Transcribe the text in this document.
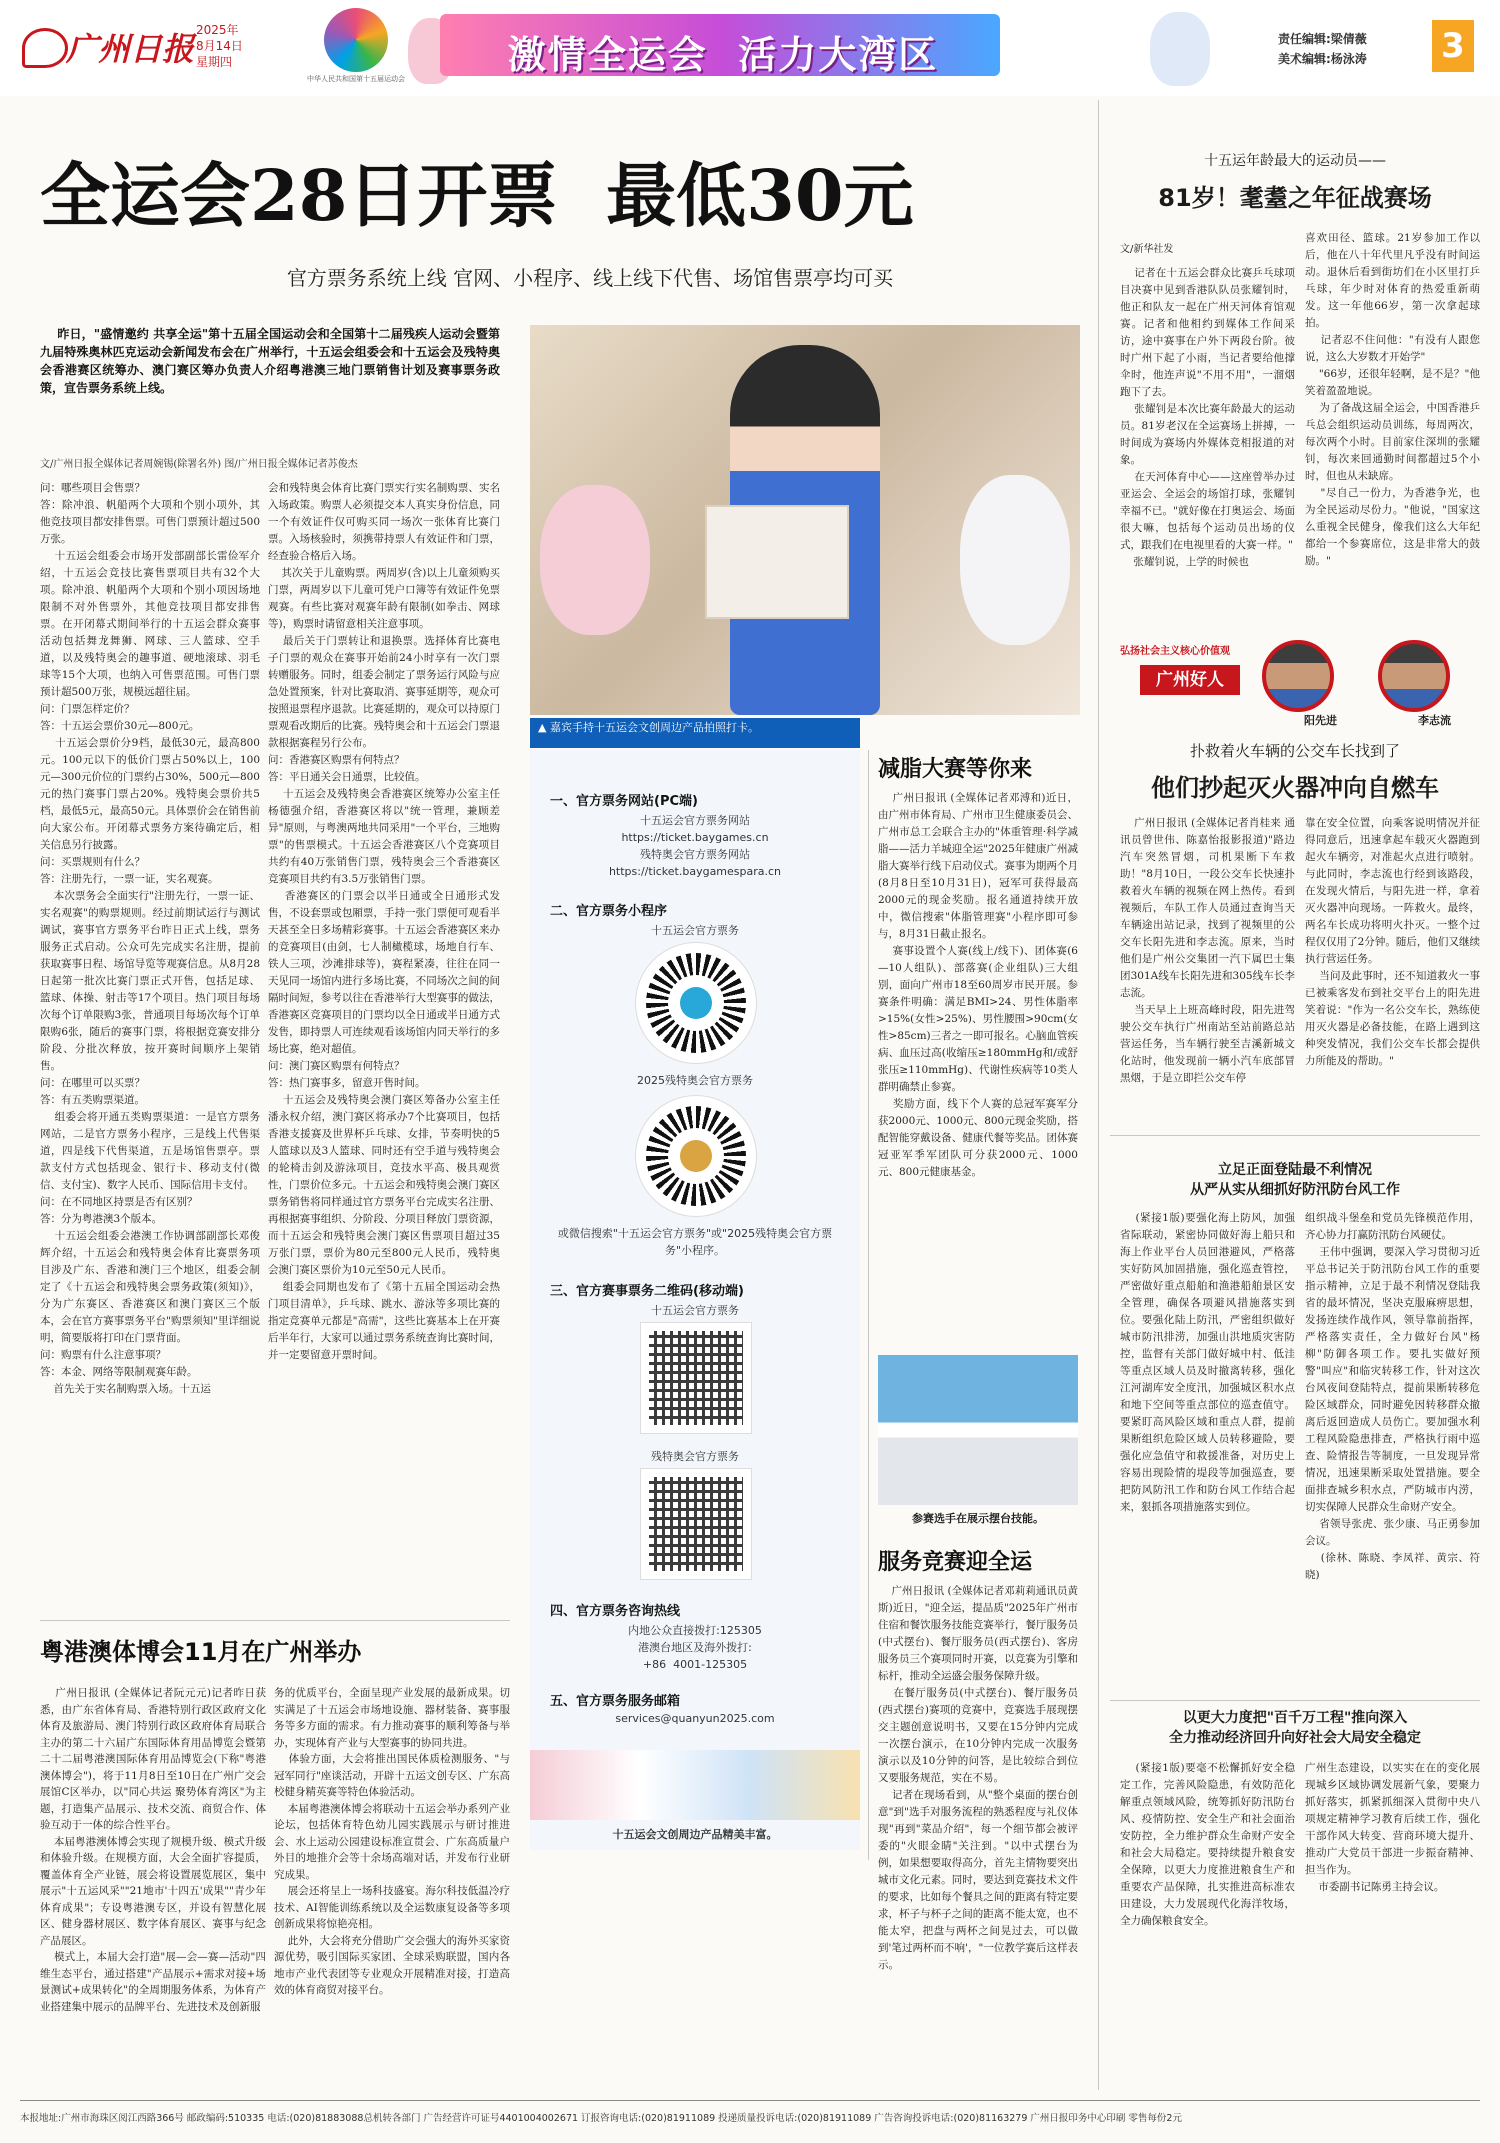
广州日报 2025年
8月14日
星期四
中华人民共和国第十五届运动会
激情全运会  活力大湾区	责任编辑:梁倩薇
美术编辑:杨泳涛 3
全运会28日开票  最低30元
官方票务系统上线 官网、小程序、线上线下代售、场馆售票亭均可买
昨日，"盛情邀约 共享全运"第十五届全国运动会和全国第十二届残疾人运动会暨第九届特殊奥林匹克运动会新闻发布会在广州举行，十五运会组委会和十五运会及残特奥会香港赛区统筹办、澳门赛区筹办负责人介绍粤港澳三地门票销售计划及赛事票务政策，宣告票务系统上线。
文/广州日报全媒体记者周婉锡(除署名外) 图/广州日报全媒体记者苏俊杰
问：哪些项目会售票？
答：除冲浪、帆船两个大项和个别小项外，其他竞技项目都安排售票。可售门票预计超过500万张。
十五运会组委会市场开发部副部长雷俭军介绍，十五运会竞技比赛售票项目共有32个大项。除冲浪、帆船两个大项和个别小项因场地限制不对外售票外，其他竞技项目都安排售票。在开闭幕式期间举行的十五运会群众赛事活动包括舞龙舞狮、网球、三人篮球、空手道，以及残特奥会的趣事道、硬地滚球、羽毛球等15个大项，也纳入可售票范围。可售门票预计超500万张，规模远超往届。
问：门票怎样定价？
答：十五运会票价30元—800元。
十五运会票价分9档，最低30元，最高800元。100元以下的低价门票占50%以上，100元—300元价位的门票约占30%，500元—800元的热门赛事门票占20%。残特奥会票价共5档，最低5元，最高50元。具体票价会在销售前向大家公布。开闭幕式票务方案待确定后，相关信息另行披露。
问：买票规则有什么？
答：注册先行，一票一证，实名观赛。
本次票务会全面实行"注册先行，一票一证、实名观赛"的购票规则。经过前期试运行与测试调试，赛事官方票务平台昨日正式上线，票务服务正式启动。公众可先完成实名注册，提前获取赛事日程、场馆导览等观赛信息。从8月28日起第一批次比赛门票正式开售，包括足球、篮球、体操、射击等17个项目。热门项目每场次每个订单限购3张，普通项目每场次每个订单限购6张，随后的赛事门票，将根据竞赛安排分阶段、分批次释放，按开赛时间顺序上架销售。
问：在哪里可以买票？
答：有五类购票渠道。
组委会将开通五类购票渠道：一是官方票务网站，二是官方票务小程序，三是线上代售渠道，四是线下代售渠道，五是场馆售票亭。票款支付方式包括现金、银行卡、移动支付(微信、支付宝)、数字人民币、国际信用卡支付。
问：在不同地区持票是否有区别？
答：分为粤港澳3个版本。
十五运会组委会港澳工作协调部副部长邓俊辉介绍，十五运会和残特奥会体育比赛票务项目涉及广东、香港和澳门三个地区，组委会制定了《十五运会和残特奥会票务政策(须知)》，分为广东赛区、香港赛区和澳门赛区三个版本，会在官方赛事票务平台"购票须知"里详细说明，简要版将打印在门票背面。
问：购票有什么注意事项？
答：本金、网络等限制观赛年龄。
首先关于实名制购票入场。十五运
会和残特奥会体育比赛门票实行实名制购票、实名入场政策。购票人必须提交本人真实身份信息，同一个有效证件仅可购买同一场次一张体育比赛门票。入场核验时，须携带持票人有效证件和门票，经查验合格后入场。
其次关于儿童购票。两周岁(含)以上儿童须购买门票，两周岁以下儿童可凭户口簿等有效证件免票观赛。有些比赛对观赛年龄有限制(如拳击、网球等)，购票时请留意相关注意事项。
最后关于门票转让和退换票。选择体育比赛电子门票的观众在赛事开始前24小时享有一次门票转赠服务。同时，组委会制定了票务运行风险与应急处置预案，针对比赛取消、赛事延期等，观众可按照退票程序退款。比赛延期的，观众可以持原门票观看改期后的比赛。残特奥会和十五运会门票退款根据赛程另行公布。
问：香港赛区购票有何特点？
答：平日通关会日通票，比较值。
十五运会及残特奥会香港赛区统筹办公室主任杨德强介绍，香港赛区将以"统一管理，兼顾差异"原则，与粤澳两地共同采用"一个平台，三地购票"的售票模式。十五运会香港赛区八个竞赛项目共约有40万张销售门票，残特奥会三个香港赛区竞赛项目共约有3.5万张销售门票。
香港赛区的门票会以半日通或全日通形式发售，不设套票或包厢票，手持一张门票便可观看半天甚至全日多场精彩赛事。十五运会香港赛区来办的竞赛项目(由剑，七人制橄榄球，场地自行车、铁人三项，沙滩排球等)，赛程紧凑，往往在同一天见同一场馆内进行多场比赛，不同场次之间的间隔时间短，参考以往在香港举行大型赛事的做法，香港赛区竞赛项目的门票均以全日通或半日通方式发售，即持票人可连续观看该场馆内同天举行的多场比赛，绝对超值。
问：澳门赛区购票有何特点？
答：热门赛事多，留意开售时间。
十五运会及残特奥会澳门赛区筹备办公室主任潘永权介绍，澳门赛区将承办7个比赛项目，包括香港支援赛及世界杯乒乓球、女排，节奏明快的5人篮球以及3人篮球、同时还有空手道与残特奥会的轮椅击剑及游泳项目，竞技水平高、极具观赏性，门票价位多元。十五运会和残特奥会澳门赛区票务销售将同样通过官方票务平台完成实名注册、再根据赛事组织、分阶段、分项目释放门票资源，而十五运会和残特奥会澳门赛区售票项目超过35万张门票，票价为80元至800元人民币，残特奥会澳门赛区票价为10元至50元人民币。
组委会同期也发布了《第十五届全国运动会热门项目清单》，乒乓球、跳水、游泳等多项比赛的指定竞赛单元都是"高需"，这些比赛基本上在开赛后半年行，大家可以通过票务系统查询比赛时间，并一定要留意开票时间。
▲ 嘉宾手持十五运会文创周边产品拍照打卡。
一、官方票务网站(PC端)
十五运会官方票务网站
https://ticket.baygames.cn
残特奥会官方票务网站
https://ticket.baygamespara.cn
二、官方票务小程序
十五运会官方票务
2025残特奥会官方票务
或微信搜索"十五运会官方票务"或"2025残特奥会官方票务"小程序。
三、官方赛事票务二维码(移动端)
十五运会官方票务
残特奥会官方票务
四、官方票务咨询热线
内地公众直接拨打:125305
港澳台地区及海外拨打:
+86  4001-125305
五、官方票务服务邮箱
services@quanyun2025.com
十五运会文创周边产品精美丰富。
减脂大赛等你来
广州日报讯 (全媒体记者邓溥和)近日，由广州市体育局、广州市卫生健康委员会、广州市总工会联合主办的"体重管理·科学减脂——活力羊城迎全运"2025年健康广州减脂大赛举行线下启动仪式。赛事为期两个月(8月8日至10月31日)，冠军可获得最高2000元的现金奖励。报名通道持续开放中，微信搜索"体脂管理赛"小程序即可参与，8月31日截止报名。
赛事设置个人赛(线上/线下)、团体赛(6—10人组队)、部落赛(企业组队)三大组别，面向广州市18至60周岁市民开展。参赛条件明确：满足BMI>24、男性体脂率>15%(女性>25%)、男性腰围>90cm(女性>85cm)三者之一即可报名。心脑血管疾病、血压过高(收缩压≥180mmHg和/或舒张压≥110mmHg)、代谢性疾病等10类人群明确禁止参赛。
奖励方面，线下个人赛的总冠军赛军分获2000元、1000元、800元现金奖励，搭配智能穿戴设备、健康代餐等奖品。团体赛冠亚军季军团队可分获2000元、1000元、800元健康基金。
参赛选手在展示摆台技能。
服务竞赛迎全运
广州日报讯 (全媒体记者邓莉莉通讯员黄斯)近日，"迎全运，提品质"2025年广州市住宿和餐饮服务技能竞赛举行，餐厅服务员(中式摆台)、餐厅服务员(西式摆台)、客房服务员三个赛项同时开赛，以竞赛为引擎和标杆，推动全运盛会服务保障升级。
在餐厅服务员(中式摆台)、餐厅服务员(西式摆台)赛项的竞赛中，竞赛选手展现摆交主题创意说明书，又要在15分钟内完成一次摆台演示，在10分钟内完成一次服务演示以及10分钟的问答，是比较综合到位又要服务规范，实在不易。
记者在现场看到，从"整个桌面的摆台创意"到"选手对服务流程的熟悉程度与礼仪体现"再到"菜品介绍"，每一个细节都会被评委的"火眼金睛"关注到。"以中式摆台为例，如果想要取得高分，首先主情物要突出城市文化元素。同时，要达到竞赛技术文件的要求，比如每个餐具之间的距离有特定要求，杯子与杯子之间的距离不能太宽，也不能太窄，把盘与两杯之间晃过去，可以做到'笔过两杯而不响'，"一位教学赛后这样表示。
粤港澳体博会11月在广州举办
广州日报讯 (全媒体记者阮元元)记者昨日获悉，由广东省体育局、香港特别行政区政府文化体育及旅游局、澳门特别行政区政府体育局联合主办的第二十六届广东国际体育用品博览会暨第二十二届粤港澳国际体育用品博览会(下称"粤港澳体博会")，将于11月8日至10日在广州广交会展馆C区举办，以"同心共运 聚势体育湾区"为主题，打造集产品展示、技术交流、商贸合作、体验互动于一体的综合性平台。
本届粤港澳体博会实现了规模升级、模式升级和体验升级。在规模方面，大会全面扩容提质，覆盖体育全产业链，展会将设置展览展区，集中展示"十五运风采""21地市'十四五'成果""青少年体育成果"；专设粤港澳专区，并设有智慧化展区、健身器材展区、数字体育展区、赛事与纪念产品展区。
模式上，本届大会打造"展—会—赛—活动"四维生态平台，通过搭建"产品展示+需求对接+场景测试+成果转化"的全周期服务体系，为体育产业搭建集中展示的品牌平台、先进技术及创新服
务的优质平台，全面呈现产业发展的最新成果。切实满足了十五运会市场地设施、器材装备、赛事服务等多方面的需求。有力推动赛事的顺利筹备与举办，实现体育产业与大型赛事的协同共进。
体验方面，大会将推出国民体质检测服务、"与冠军同行"座谈活动，开辟十五运文创专区、广东高校健身精英赛等特色体验活动。
本届粤港澳体博会将联动十五运会举办系列产业论坛，包括体育特色幼儿园实践展示与研讨推进会、水上运动公园建设标准宣贯会、广东高质量户外目的地推介会等十余场高端对话，并发布行业研究成果。
展会还将呈上一场科技盛宴。海尔科技低温冷疗技术、AI智能训练系统以及全运数康复设备等多项创新成果将惊艳亮相。
此外，大会将充分借助广交会强大的海外买家资源优势，吸引国际买家团、全球采购联盟，国内各地市产业代表团等专业观众开展精准对接，打造高效的体育商贸对接平台。
十五运年龄最大的运动员——
81岁！耄耋之年征战赛场
文/新华社发
记者在十五运会群众比赛乒乓球项目决赛中见到香港队队员张耀钊时，他正和队友一起在广州天河体育馆观赛。记者和他相约到媒体工作间采访，途中赛事在户外下两段台阶。彼时广州下起了小雨，当记者要给他撑伞时，他连声说"不用不用"，一溜烟跑下了去。
张耀钊是本次比赛年龄最大的运动员。81岁老汉在全运赛场上拼搏，一时间成为赛场内外媒体竞相报道的对象。
在天河体育中心——这座曾举办过亚运会、全运会的场馆打球，张耀钊幸福不已。"就好像在打奥运会、场面很大嘛，包括每个运动员出场的仪式，跟我们在电视里看的大赛一样。"
张耀钊说，上学的时候也
喜欢田径、篮球。21岁参加工作以后，他在八十年代里凡乎没有时间运动。退休后看到街坊们在小区里打乒乓球，年少时对体育的热爱重新萌发。这一年他66岁，第一次拿起球拍。
记者忍不住问他："有没有人跟您说，这么大岁数才开始学"
"66岁，还很年轻啊，是不是？"他笑着盈盈地说。
为了备战这届全运会，中国香港乒乓总会组织运动员训练，每周两次，每次两个小时。目前家住深圳的张耀钊，每次来回通勤时间都超过5个小时，但也从未缺席。
"尽自己一份力，为香港争光，也为全民运动尽份力。"他说，"国家这么重视全民健身，像我们这么大年纪都给一个参赛席位，这是非常大的鼓励。"
弘扬社会主义核心价值观
广州好人
阳先进	李志流
扑救着火车辆的公交车长找到了
他们抄起灭火器冲向自燃车
广州日报讯 (全媒体记者肖桂来 通讯员曾世伟、陈嘉怡报影报道)"路边汽车突然冒烟，司机果断下车救助！"8月10日，一段公交车长快速扑救着火车辆的视频在网上热传。看到视频后，车队工作人员通过查询当天车辆途出站记录，找到了视频里的公交车长阳先进和李志流。原来，当时他们是广州公交集团一汽下属巴士集团301A线车长阳先进和305线车长李志流。
当天早上上班高峰时段，阳先进驾驶公交车执行广州南站至站前路总站营运任务，当车辆行驶至吉溪新城文化站时，他发现前一辆小汽车底部冒黑烟，于是立即拦公交车停
靠在安全位置，向乘客说明情况并征得同意后，迅速拿起车载灭火器跑到起火车辆旁，对准起火点进行喷射。与此同时，李志流也行经到该路段，在发现火情后，与阳先进一样，拿着灭火器冲向现场。一阵救火。最终，两名车长成功将明火扑灭。一整个过程仅仅用了2分钟。随后，他们又继续执行营运任务。
当问及此事时，还不知道救火一事已被乘客发布到社交平台上的阳先进笑着说："作为一名公交车长，熟练使用灭火器是必备技能，在路上遇到这种突发情况，我们公交车长都会提供力所能及的帮助。"
立足正面登陆最不利情况
从严从实从细抓好防汛防台风工作
(紧接1版)要强化海上防风，加强省际联动，紧密协同做好海上船只和海上作业平台人员回港避风，严格落实好防风加固措施，强化巡查管控，严密做好重点船舶和渔港船舶景区安全管理，确保各项避风措施落实到位。要强化陆上防汛，严密组织做好城市防汛排涝，加强山洪地质灾害防控，监督有关部门做好城中村、低洼等重点区域人员及时撤离转移，强化江河湖库安全度汛，加强城区积水点和地下空间等重点部位的巡查值守。要紧盯高风险区域和重点人群，提前果断组织危险区域人员转移避险，要强化应急值守和救援准备，对历史上容易出现险情的堤段等加强巡查，要把防风防汛工作和防台风工作结合起来，狠抓各项措施落实到位。
组织战斗堡垒和党员先锋模范作用，齐心协力打赢防汛防台风硬仗。
王伟中强调，要深入学习贯彻习近平总书记关于防汛防台风工作的重要指示精神，立足于最不利情况登陆我省的最坏情况，坚决克服麻痹思想，发扬连续作战作风，领导靠前指挥，严格落实责任，全力做好台风"杨柳"防御各项工作。要扎实做好预警"叫应"和临灾转移工作，针对这次台风夜间登陆特点，提前果断转移危险区域群众，同时避免因转移群众撤离后返回造成人员伤亡。要加强水利工程风险隐患排查，严格执行雨中巡查、险情报告等制度，一旦发现异常情况，迅速果断采取处置措施。要全面排查城乡积水点，严防城市内涝，切实保障人民群众生命财产安全。
省领导张虎、张少康、马正勇参加会议。
(徐林、陈晓、李凤祥、黄宗、符晓)
以更大力度把"百千万工程"推向深入
全力推动经济回升向好社会大局安全稳定
(紧接1版)要毫不松懈抓好安全稳定工作，完善风险隐患，有效防范化解重点领域风险，统筹抓好防汛防台风、疫情防控、安全生产和社会面治安防控，全力维护群众生命财产安全和社会大局稳定。要持续提升粮食安全保障，以更大力度推进粮食生产和重要农产品保障，扎实推进高标准农田建设，大力发展现代化海洋牧场，全力确保粮食安全。
广州生态建设，以实实在在的变化展现城乡区域协调发展新气象，要聚力抓好落实，抓紧抓细深入贯彻中央八项规定精神学习教育后续工作，强化干部作风大转变、营商环境大提升、推动广大党员干部进一步振奋精神、担当作为。
市委副书记陈勇主持会议。
本报地址:广州市海珠区阅江西路366号 邮政编码:510335 电话:(020)81883088总机转各部门 广告经营许可证号4401004002671 订报咨询电话:(020)81911089 投递质量投诉电话:(020)81911089 广告咨询投诉电话:(020)81163279 广州日报印务中心印刷 零售每份2元
